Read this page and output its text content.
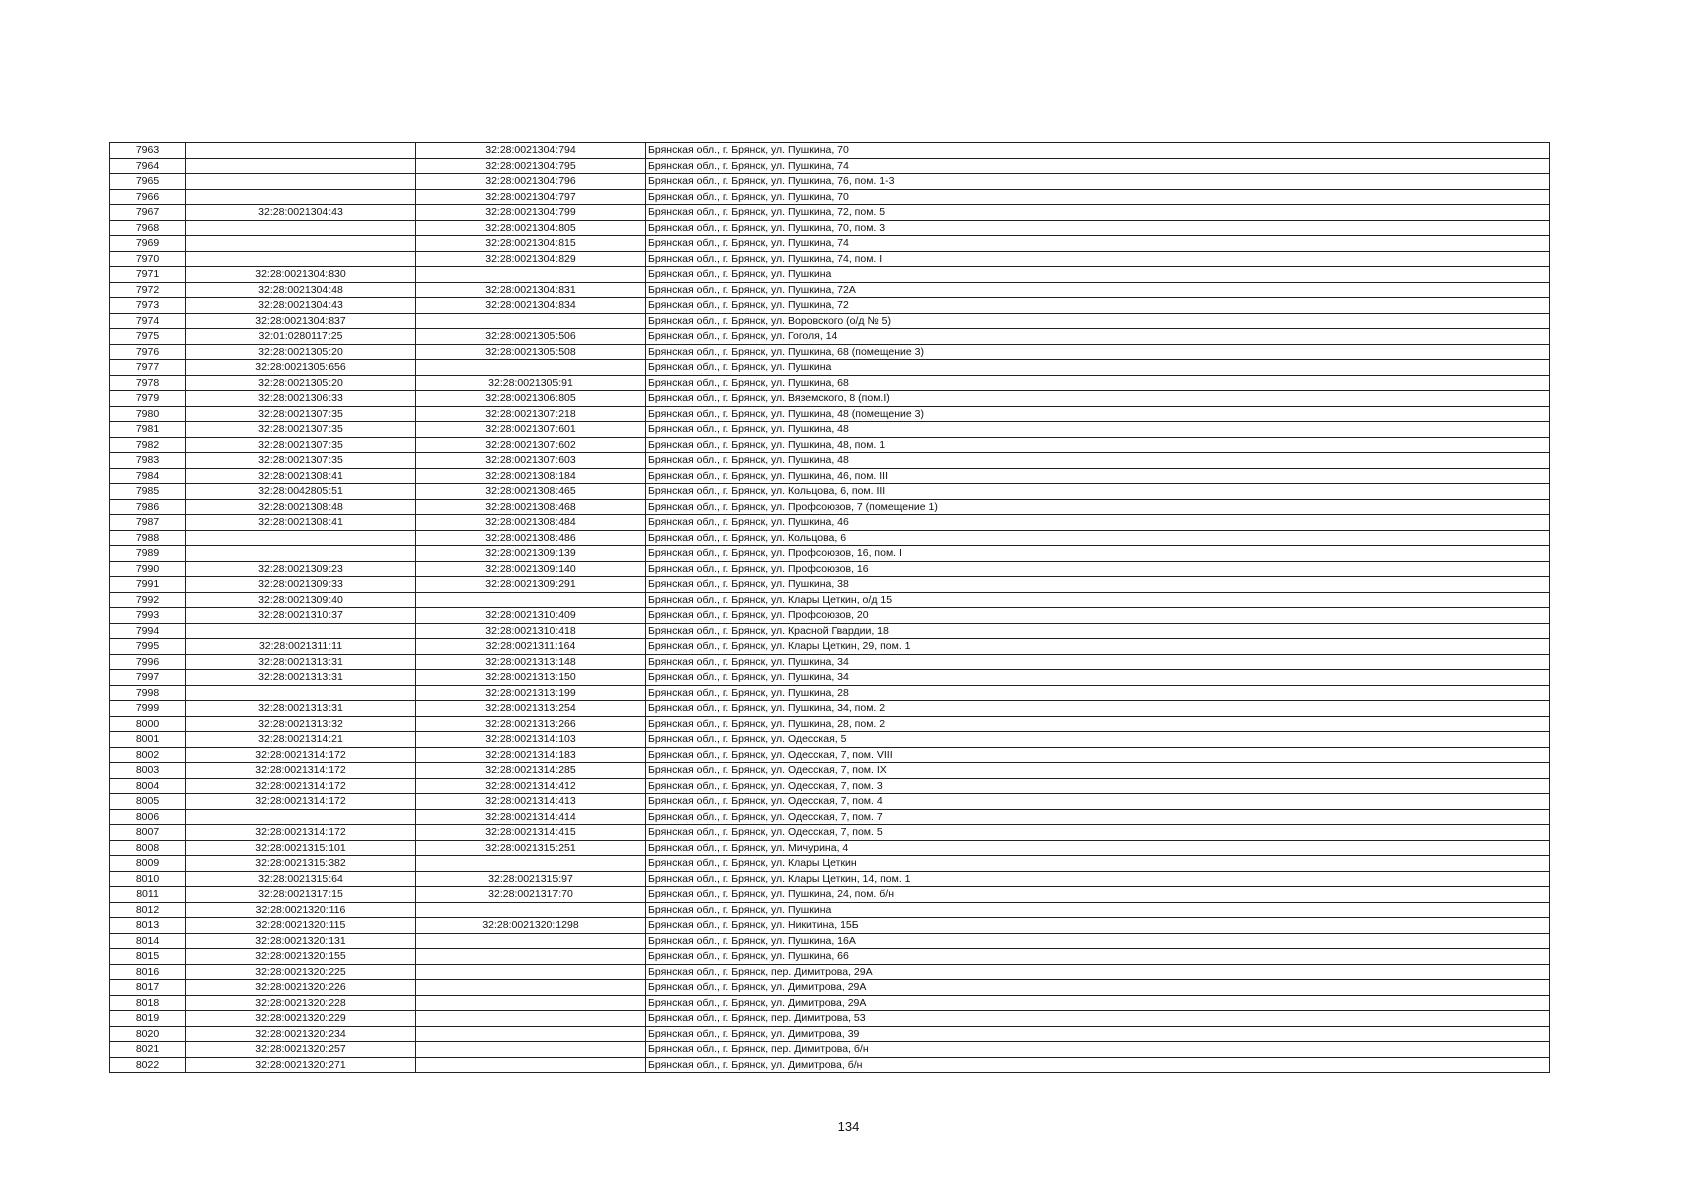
7963		32:28:0021304:794	Брянская обл., г. Брянск, ул. Пушкина, 70
7964		32:28:0021304:795	Брянская обл., г. Брянск, ул. Пушкина, 74
7965		32:28:0021304:796	Брянская обл., г. Брянск, ул. Пушкина, 76, пом. 1-3
7966		32:28:0021304:797	Брянская обл., г. Брянск, ул. Пушкина, 70
7967	32:28:0021304:43	32:28:0021304:799	Брянская обл., г. Брянск, ул. Пушкина, 72, пом. 5
7968		32:28:0021304:805	Брянская обл., г. Брянск, ул. Пушкина, 70, пом. 3
7969		32:28:0021304:815	Брянская обл., г. Брянск, ул. Пушкина, 74
7970		32:28:0021304:829	Брянская обл., г. Брянск, ул. Пушкина, 74, пом. I
7971	32:28:0021304:830		Брянская обл., г. Брянск, ул. Пушкина
7972	32:28:0021304:48	32:28:0021304:831	Брянская обл., г. Брянск, ул. Пушкина, 72А
7973	32:28:0021304:43	32:28:0021304:834	Брянская обл., г. Брянск, ул. Пушкина, 72
7974	32:28:0021304:837		Брянская обл., г. Брянск, ул. Воровского (о/д № 5)
7975	32:01:0280117:25	32:28:0021305:506	Брянская обл., г. Брянск, ул. Гоголя, 14
7976	32:28:0021305:20	32:28:0021305:508	Брянская обл., г. Брянск, ул. Пушкина, 68 (помещение 3)
7977	32:28:0021305:656		Брянская обл., г. Брянск, ул. Пушкина
7978	32:28:0021305:20	32:28:0021305:91	Брянская обл., г. Брянск, ул. Пушкина, 68
7979	32:28:0021306:33	32:28:0021306:805	Брянская обл., г. Брянск, ул. Вяземского, 8 (пом.I)
7980	32:28:0021307:35	32:28:0021307:218	Брянская обл., г. Брянск, ул. Пушкина, 48 (помещение 3)
7981	32:28:0021307:35	32:28:0021307:601	Брянская обл., г. Брянск, ул. Пушкина, 48
7982	32:28:0021307:35	32:28:0021307:602	Брянская обл., г. Брянск, ул. Пушкина, 48, пом. 1
7983	32:28:0021307:35	32:28:0021307:603	Брянская обл., г. Брянск, ул. Пушкина, 48
7984	32:28:0021308:41	32:28:0021308:184	Брянская обл., г. Брянск, ул. Пушкина, 46, пом. III
7985	32:28:0042805:51	32:28:0021308:465	Брянская обл., г. Брянск, ул. Кольцова, 6, пом. III
7986	32:28:0021308:48	32:28:0021308:468	Брянская обл., г. Брянск, ул. Профсоюзов, 7 (помещение 1)
7987	32:28:0021308:41	32:28:0021308:484	Брянская обл., г. Брянск, ул. Пушкина, 46
7988		32:28:0021308:486	Брянская обл., г. Брянск, ул. Кольцова, 6
7989		32:28:0021309:139	Брянская обл., г. Брянск, ул. Профсоюзов, 16, пом. I
7990	32:28:0021309:23	32:28:0021309:140	Брянская обл., г. Брянск, ул. Профсоюзов, 16
7991	32:28:0021309:33	32:28:0021309:291	Брянская обл., г. Брянск, ул. Пушкина, 38
7992	32:28:0021309:40		Брянская обл., г. Брянск, ул. Клары Цеткин, о/д 15
7993	32:28:0021310:37	32:28:0021310:409	Брянская обл., г. Брянск, ул. Профсоюзов, 20
7994		32:28:0021310:418	Брянская обл., г. Брянск, ул. Красной Гвардии, 18
7995	32:28:0021311:11	32:28:0021311:164	Брянская обл., г. Брянск, ул. Клары Цеткин, 29, пом. 1
7996	32:28:0021313:31	32:28:0021313:148	Брянская обл., г. Брянск, ул. Пушкина, 34
7997	32:28:0021313:31	32:28:0021313:150	Брянская обл., г. Брянск, ул. Пушкина, 34
7998		32:28:0021313:199	Брянская обл., г. Брянск, ул. Пушкина, 28
7999	32:28:0021313:31	32:28:0021313:254	Брянская обл., г. Брянск, ул. Пушкина, 34, пом. 2
8000	32:28:0021313:32	32:28:0021313:266	Брянская обл., г. Брянск, ул. Пушкина, 28, пом. 2
8001	32:28:0021314:21	32:28:0021314:103	Брянская обл., г. Брянск, ул. Одесская, 5
8002	32:28:0021314:172	32:28:0021314:183	Брянская обл., г. Брянск, ул. Одесская, 7, пом. VIII
8003	32:28:0021314:172	32:28:0021314:285	Брянская обл., г. Брянск, ул. Одесская, 7, пом. IX
8004	32:28:0021314:172	32:28:0021314:412	Брянская обл., г. Брянск, ул. Одесская, 7, пом. 3
8005	32:28:0021314:172	32:28:0021314:413	Брянская обл., г. Брянск, ул. Одесская, 7, пом. 4
8006		32:28:0021314:414	Брянская обл., г. Брянск, ул. Одесская, 7, пом. 7
8007	32:28:0021314:172	32:28:0021314:415	Брянская обл., г. Брянск, ул. Одесская, 7, пом. 5
8008	32:28:0021315:101	32:28:0021315:251	Брянская обл., г. Брянск, ул. Мичурина, 4
8009	32:28:0021315:382		Брянская обл., г. Брянск, ул. Клары Цеткин
8010	32:28:0021315:64	32:28:0021315:97	Брянская обл., г. Брянск, ул. Клары Цеткин, 14, пом. 1
8011	32:28:0021317:15	32:28:0021317:70	Брянская обл., г. Брянск, ул. Пушкина, 24, пом. б/н
8012	32:28:0021320:116		Брянская обл., г. Брянск, ул. Пушкина
8013	32:28:0021320:115	32:28:0021320:1298	Брянская обл., г. Брянск, ул. Никитина, 15Б
8014	32:28:0021320:131		Брянская обл., г. Брянск, ул. Пушкина, 16А
8015	32:28:0021320:155		Брянская обл., г. Брянск, ул. Пушкина, 66
8016	32:28:0021320:225		Брянская обл., г. Брянск, пер. Димитрова, 29А
8017	32:28:0021320:226		Брянская обл., г. Брянск, ул. Димитрова, 29А
8018	32:28:0021320:228		Брянская обл., г. Брянск, ул. Димитрова, 29А
8019	32:28:0021320:229		Брянская обл., г. Брянск, пер. Димитрова, 53
8020	32:28:0021320:234		Брянская обл., г. Брянск, ул. Димитрова, 39
8021	32:28:0021320:257		Брянская обл., г. Брянск, пер. Димитрова, б/н
8022	32:28:0021320:271		Брянская обл., г. Брянск, ул. Димитрова, б/н
134
